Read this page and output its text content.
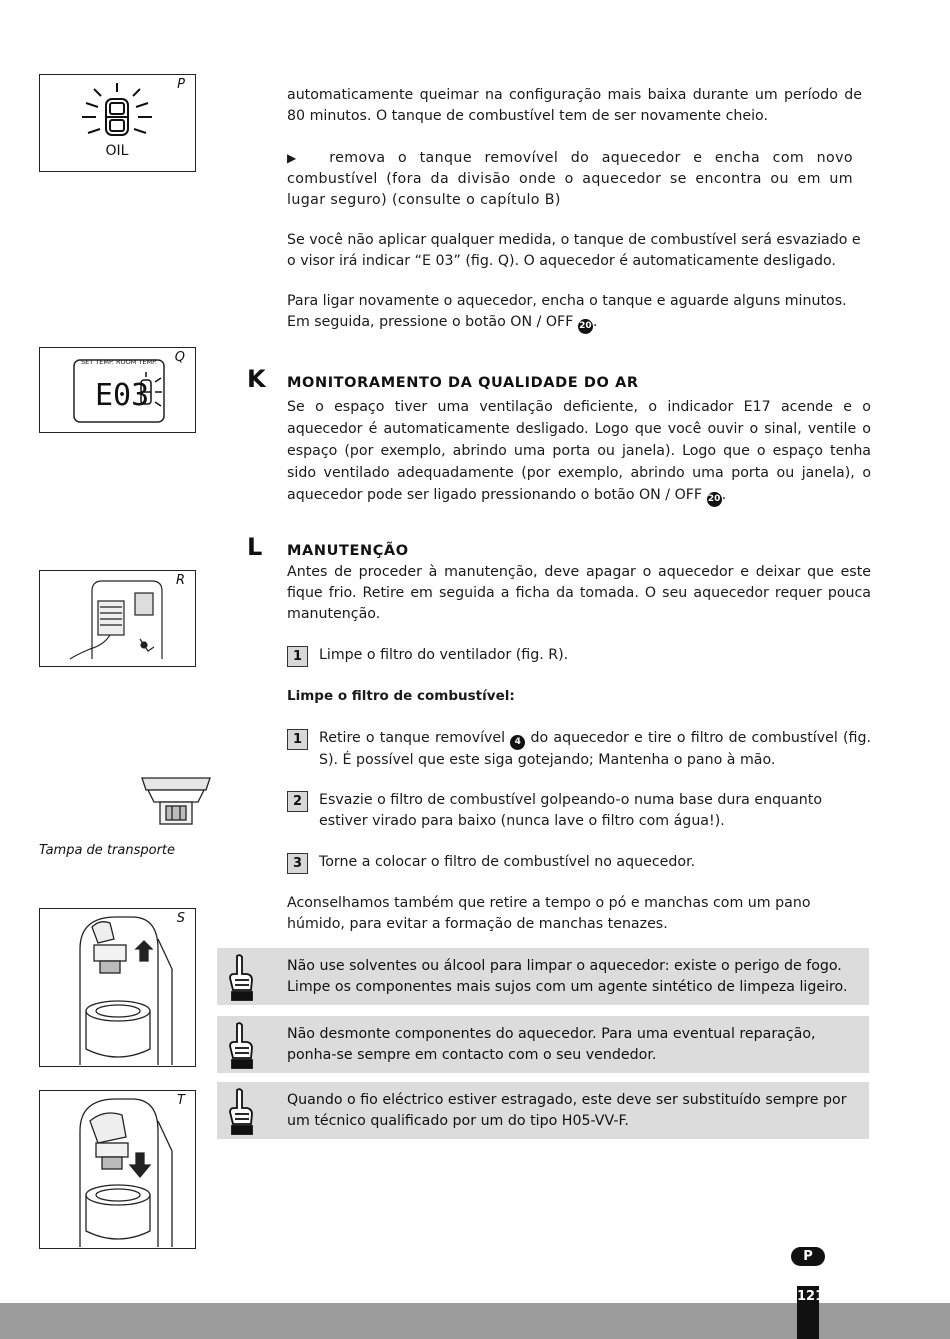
P
OIL
Q
SET TEMP. ROOM TEMP.
E03
R
Tampa de transporte
S
T
automaticamente queimar na configuração mais baixa durante um período de 80 minutos. O tanque de combustível tem de ser novamente cheio.
▶ remova o tanque removível do aquecedor e encha com novo combustível (fora da divisão onde o aquecedor se encontra ou em um lugar seguro) (consulte o capítulo B)
Se você não aplicar qualquer medida, o tanque de combustível será esvaziado e o visor irá indicar “E 03” (fig. Q). O aquecedor é automaticamente desligado.
Para ligar novamente o aquecedor, encha o tanque e aguarde alguns minutos. Em seguida, pressione o botão ON / OFF 20.
K MONITORAMENTO DA QUALIDADE DO AR
Se o espaço tiver uma ventilação deficiente, o indicador E17 acende e o aquecedor é automaticamente desligado. Logo que você ouvir o sinal, ventile o espaço (por exemplo, abrindo uma porta ou janela). Logo que o espaço tenha sido ventilado adequadamente (por exemplo, abrindo uma porta ou janela), o aquecedor pode ser ligado pressionando o botão ON / OFF 20.
L MANUTENÇÃO
Antes de proceder à manutenção, deve apagar o aquecedor e deixar que este fique frio. Retire em seguida a ficha da tomada. O seu aquecedor requer pouca manutenção.
1	Limpe o filtro do ventilador (fig. R).
Limpe o filtro de combustível:
1	Retire o tanque removível 4 do aquecedor e tire o filtro de combustível (fig. S). É possível que este siga gotejando; Mantenha o pano à mão.
2	Esvazie o filtro de combustível golpeando-o numa base dura enquanto estiver virado para baixo (nunca lave o filtro com água!).
3	Torne a colocar o filtro de combustível no aquecedor.
Aconselhamos também que retire a tempo o pó e manchas com um pano húmido, para evitar a formação de manchas tenazes.
Não use solventes ou álcool para limpar o aquecedor: existe o perigo de fogo. Limpe os componentes mais sujos com um agente sintético de limpeza ligeiro.
Não desmonte componentes do aquecedor. Para uma eventual reparação, ponha-se sempre em contacto com o seu vendedor.
Quando o fio eléctrico estiver estragado, este deve ser substituído sempre por um técnico qualificado por um do tipo H05-VV-F.
P
121
